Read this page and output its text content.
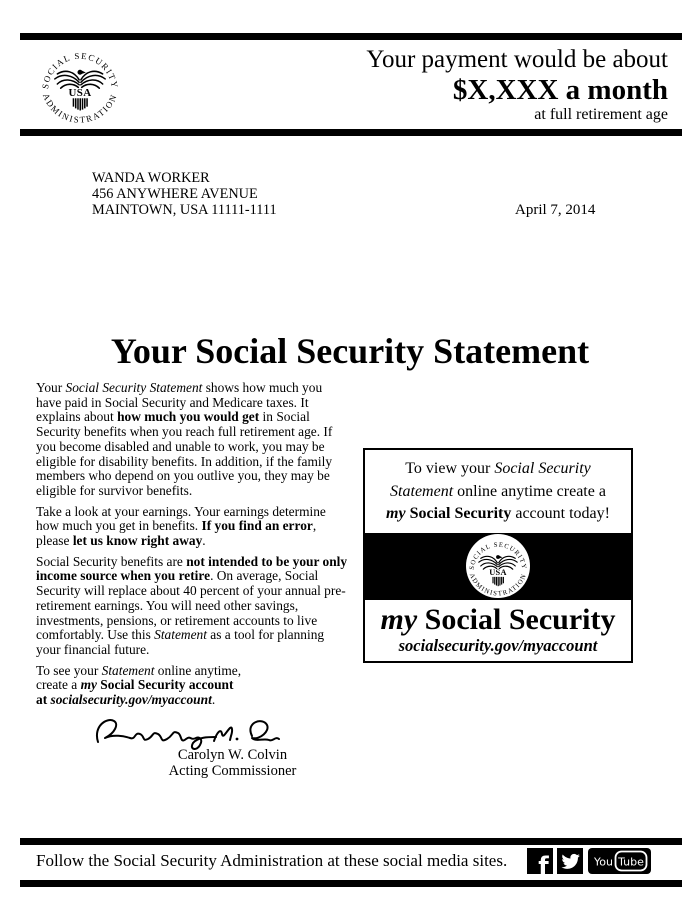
SOCIAL SECURITY
ADMINISTRATION
USA
Your payment would be about
$X,XXX a month
at full retirement age
WANDA WORKER
456 ANYWHERE AVENUE
MAINTOWN, USA 11111-1111	April 7, 2014
Your Social Security Statement

Your Social Security Statement shows how much you have paid in Social Security and Medicare taxes. It explains about how much you would get in Social Security benefits when you reach full retirement age. If you become disabled and unable to work, you may be eligible for disability benefits. In addition, if the family members who depend on you outlive you, they may be eligible for survivor benefits.

Take a look at your earnings. Your earnings determine how much you get in benefits. If you find an error, please let us know right away.

Social Security benefits are not intended to be your only income source when you retire. On average, Social Security will replace about 40 percent of your annual pre-retirement earnings. You will need other savings, investments, pensions, or retirement accounts to live comfortably. Use this Statement as a tool for planning your financial future.

To see your Statement online anytime,
create a my Social Security account
at socialsecurity.gov/myaccount.

To view your Social Security
Statement online anytime create a
my Social Security account today!
SOCIAL SECURITY
ADMINISTRATION
USA
my Social Security
socialsecurity.gov/myaccount
Carolyn W. Colvin
Acting Commissioner
Follow the Social Security Administration at these social media sites. f	You Tube
